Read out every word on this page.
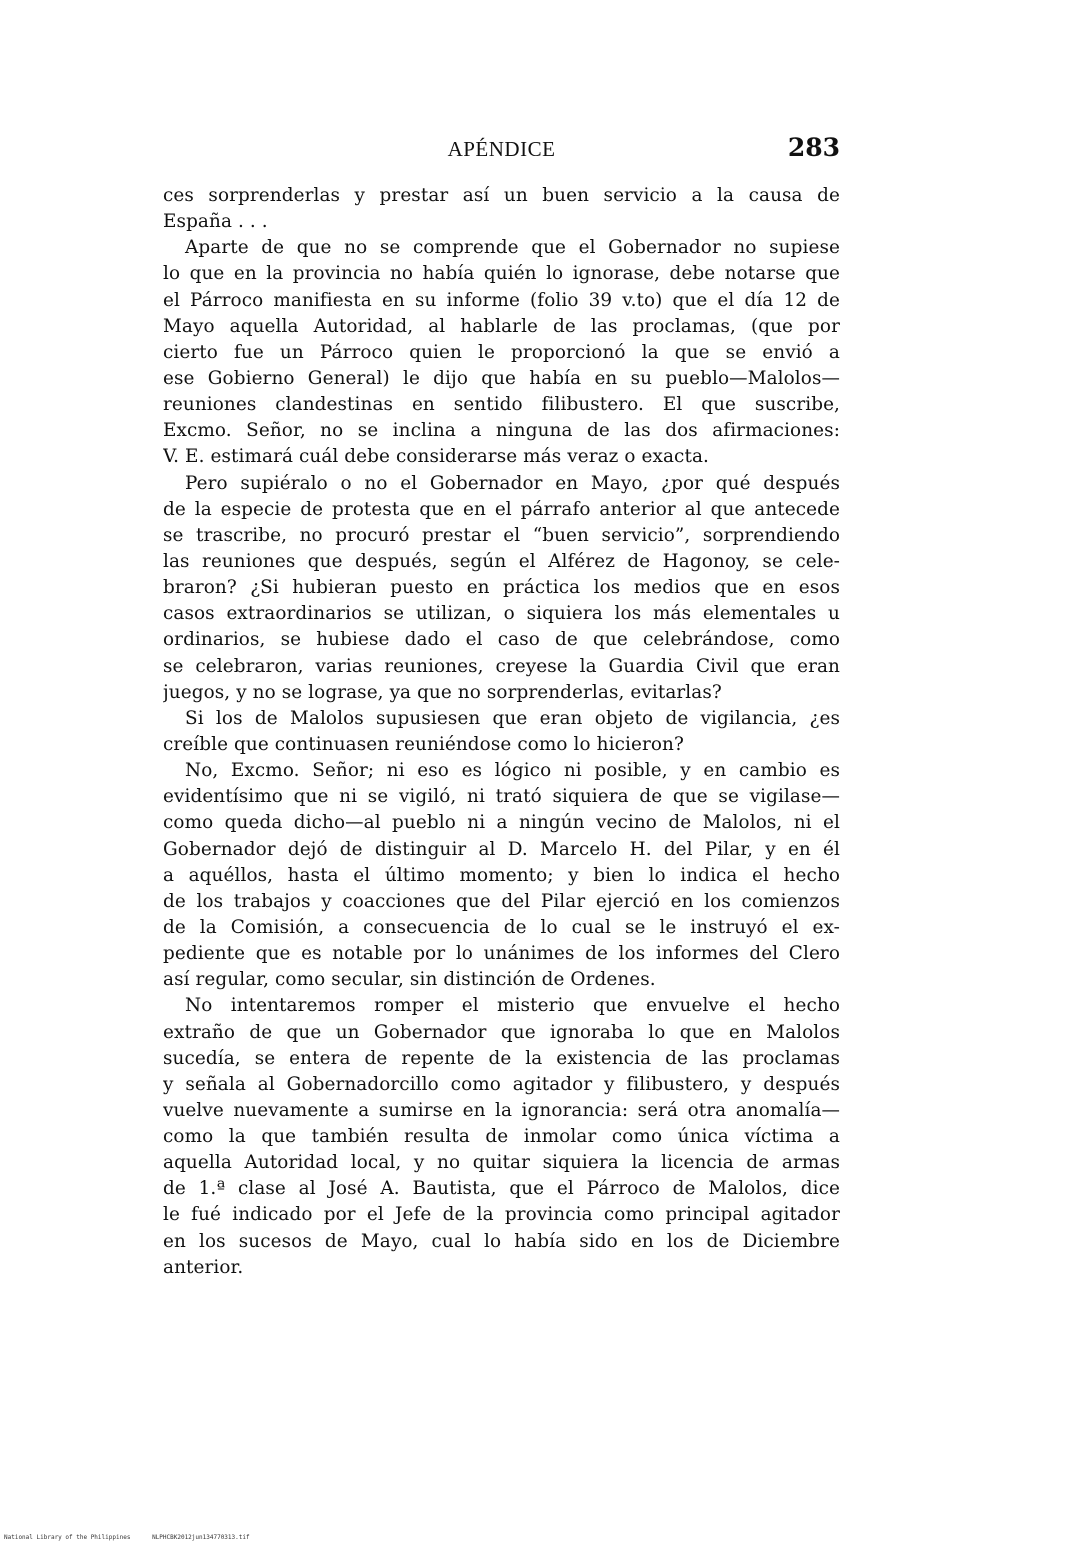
APÉNDICE	283
ces sorprenderlas y prestar así un buen servicio a la causa de
España . . .
Aparte de que no se comprende que el Gobernador no supiese
lo que en la provincia no había quién lo ignorase, debe notarse que
el Párroco manifiesta en su informe (folio 39 v.to) que el día 12 de
Mayo aquella Autoridad, al hablarle de las proclamas, (que por
cierto fue un Párroco quien le proporcionó la que se envió a
ese Gobierno General) le dijo que había en su pueblo—Malolos—
reuniones clandestinas en sentido filibustero. El que suscribe,
Excmo. Señor, no se inclina a ninguna de las dos afirmaciones:
V. E. estimará cuál debe considerarse más veraz o exacta.
Pero supiéralo o no el Gobernador en Mayo, ¿por qué después
de la especie de protesta que en el párrafo anterior al que antecede
se trascribe, no procuró prestar el “buen servicio”, sorprendiendo
las reuniones que después, según el Alférez de Hagonoy, se cele-
braron? ¿Si hubieran puesto en práctica los medios que en esos
casos extraordinarios se utilizan, o siquiera los más elementales u
ordinarios, se hubiese dado el caso de que celebrándose, como
se celebraron, varias reuniones, creyese la Guardia Civil que eran
juegos, y no se lograse, ya que no sorprenderlas, evitarlas?
Si los de Malolos supusiesen que eran objeto de vigilancia, ¿es
creíble que continuasen reuniéndose como lo hicieron?
No, Excmo. Señor; ni eso es lógico ni posible, y en cambio es
evidentísimo que ni se vigiló, ni trató siquiera de que se vigilase—
como queda dicho—al pueblo ni a ningún vecino de Malolos, ni el
Gobernador dejó de distinguir al D. Marcelo H. del Pilar, y en él
a aquéllos, hasta el último momento; y bien lo indica el hecho
de los trabajos y coacciones que del Pilar ejerció en los comienzos
de la Comisión, a consecuencia de lo cual se le instruyó el ex-
pediente que es notable por lo unánimes de los informes del Clero
así regular, como secular, sin distinción de Ordenes.
No intentaremos romper el misterio que envuelve el hecho
extraño de que un Gobernador que ignoraba lo que en Malolos
sucedía, se entera de repente de la existencia de las proclamas
y señala al Gobernadorcillo como agitador y filibustero, y después
vuelve nuevamente a sumirse en la ignorancia: será otra anomalía—
como la que también resulta de inmolar como única víctima a
aquella Autoridad local, y no quitar siquiera la licencia de armas
de 1.ª clase al José A. Bautista, que el Párroco de Malolos, dice
le fué indicado por el Jefe de la provincia como principal agitador
en los sucesos de Mayo, cual lo había sido en los de Diciembre
anterior.
National Library of the Philippines	NLPHCBK2012jun134770313.tif
